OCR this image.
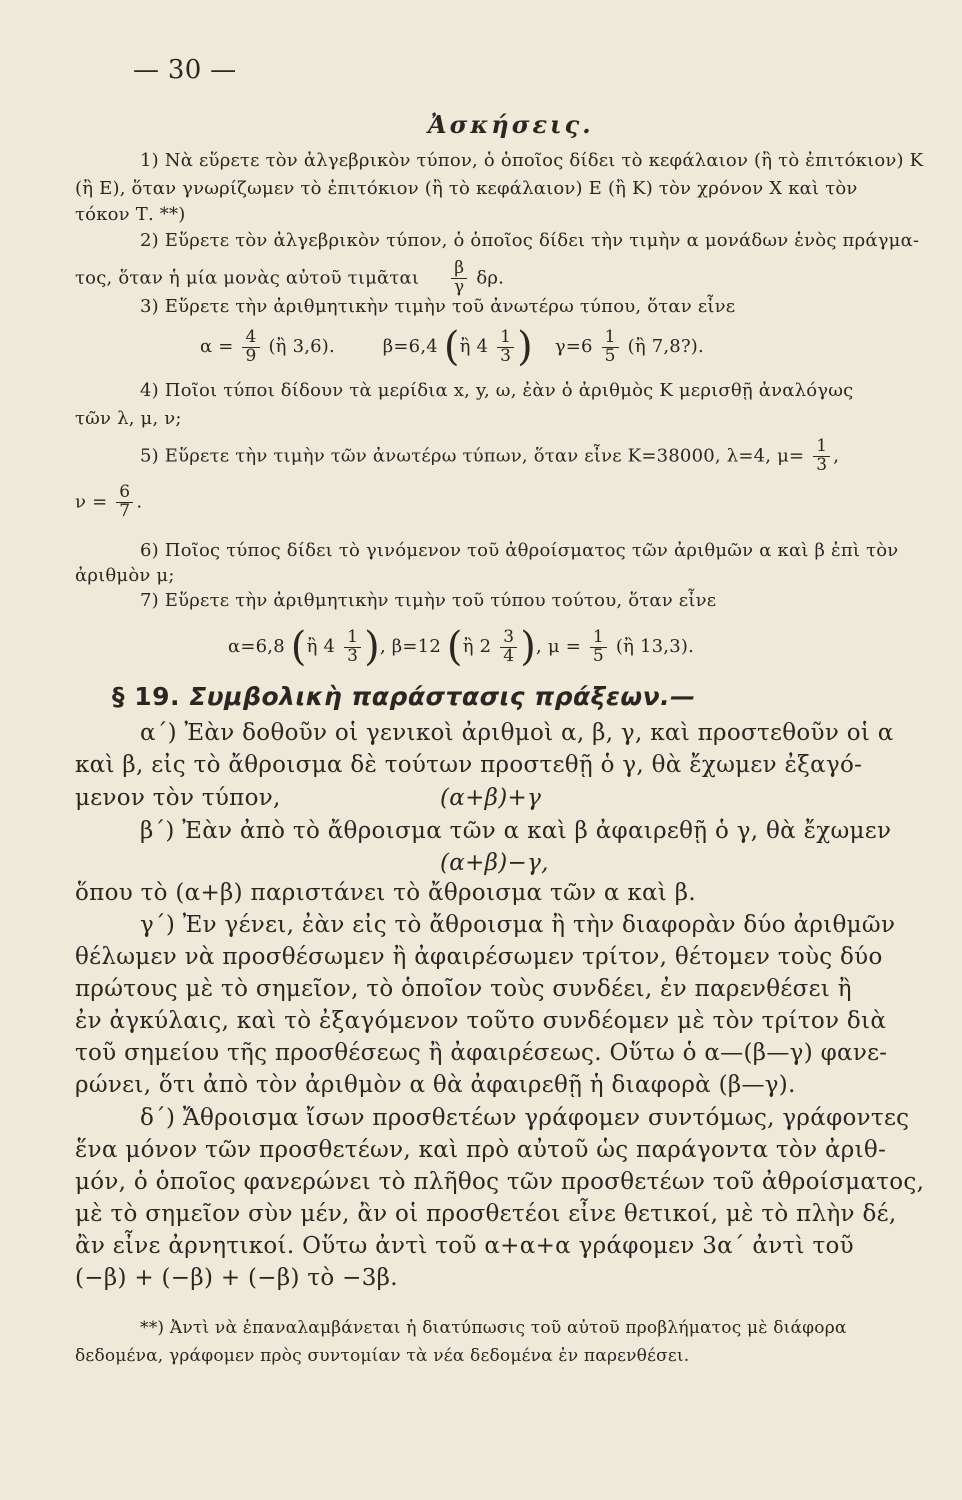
— 30 —
Ἀσκήσεις.
1) Νὰ εὕρετε τὸν ἀλγεβρικὸν τύπον, ὁ ὁποῖος δίδει τὸ κεφάλαιον (ἢ τὸ ἐπιτόκιον) Κ
(ἢ Ε), ὅταν γνωρίζωμεν τὸ ἐπιτόκιον (ἢ τὸ κεφάλαιον) Ε (ἢ Κ) τὸν χρόνον Χ καὶ τὸν
τόκον Τ. **)
2) Εὕρετε τὸν ἀλγεβρικὸν τύπον, ὁ ὁποῖος δίδει τὴν τιμὴν α μονάδων ἑνὸς πράγμα-
τος, ὅταν ἡ μία μονὰς αὐτοῦ τιμᾶται $\frac{\beta}{\gamma} \delta\rho$.
3) Εὕρετε τὴν ἀριθμητικὴν τιμὴν τοῦ ἀνωτέρω τύπου, ὅταν εἶνε
$\alpha = \frac{4}{9}$ (ἢ 3,6).	β=6,4 (ἢ $4 \frac{1}{3}$ ) $\gamma=6 \frac{1}{5}$ (ἢ 7,8?).
4) Ποῖοι τύποι δίδουν τὰ μερίδια x, y, ω, ἐὰν ὁ ἀριθμὸς Κ μερισθῇ ἀναλόγως
τῶν λ, μ, ν;
5) Εὕρετε τὴν τιμὴν τῶν ἀνωτέρω τύπων, ὅταν εἶνε Κ=38000, λ=4, $\mu= \frac{1}{3}$ ,
$\nu = \frac{6}{7}$ .
6) Ποῖος τύπος δίδει τὸ γινόμενον τοῦ ἀθροίσματος τῶν ἀριθμῶν α καὶ β ἐπὶ τὸν
ἀριθμὸν μ;
7) Εὕρετε τὴν ἀριθμητικὴν τιμὴν τοῦ τύπου τούτου, ὅταν εἶνε
α=6,8 (ἢ $4 \frac{1}{3}$ ), β=12 (ἢ $2 \frac{3}{4}$ ), $\mu = \frac{1}{5}$ (ἢ 13,3).
§ 19. Συμβολικὴ παράστασις πράξεων.—
α΄) Ἐὰν δοθοῦν οἱ γενικοὶ ἀριθμοὶ α, β, γ, καὶ προστεθοῦν οἱ α
καὶ β, εἰς τὸ ἄθροισμα δὲ τούτων προστεθῇ ὁ γ, θὰ ἔχωμεν ἐξαγό-
μενον τὸν τύπον,	(α+β)+γ
β΄) Ἐὰν ἀπὸ τὸ ἄθροισμα τῶν α καὶ β ἀφαιρεθῇ ὁ γ, θὰ ἔχωμεν
(α+β)−γ,
ὅπου τὸ (α+β) παριστάνει τὸ ἄθροισμα τῶν α καὶ β.
γ΄) Ἐν γένει, ἐὰν εἰς τὸ ἄθροισμα ἢ τὴν διαφορὰν δύο ἀριθμῶν
θέλωμεν νὰ προσθέσωμεν ἢ ἀφαιρέσωμεν τρίτον, θέτομεν τοὺς δύο
πρώτους μὲ τὸ σημεῖον, τὸ ὁποῖον τοὺς συνδέει, ἐν παρενθέσει ἢ
ἐν ἀγκύλαις, καὶ τὸ ἐξαγόμενον τοῦτο συνδέομεν μὲ τὸν τρίτον διὰ
τοῦ σημείου τῆς προσθέσεως ἢ ἀφαιρέσεως. Οὕτω ὁ α—(β—γ) φανε-
ρώνει, ὅτι ἀπὸ τὸν ἀριθμὸν α θὰ ἀφαιρεθῇ ἡ διαφορὰ (β—γ).
δ΄) Ἄθροισμα ἴσων προσθετέων γράφομεν συντόμως, γράφοντες
ἕνα μόνον τῶν προσθετέων, καὶ πρὸ αὐτοῦ ὡς παράγοντα τὸν ἀριθ-
μόν, ὁ ὁποῖος φανερώνει τὸ πλῆθος τῶν προσθετέων τοῦ ἀθροίσματος,
μὲ τὸ σημεῖον σὺν μέν, ἂν οἱ προσθετέοι εἶνε θετικοί, μὲ τὸ πλὴν δέ,
ἂν εἶνε ἀρνητικοί. Οὕτω ἀντὶ τοῦ α+α+α γράφομεν 3α΄ ἀντὶ τοῦ
(−β) + (−β) + (−β) τὸ −3β.
**) Ἀντὶ νὰ ἐπαναλαμβάνεται ἡ διατύπωσις τοῦ αὐτοῦ προβλήματος μὲ διάφορα
δεδομένα, γράφομεν πρὸς συντομίαν τὰ νέα δεδομένα ἐν παρενθέσει.
